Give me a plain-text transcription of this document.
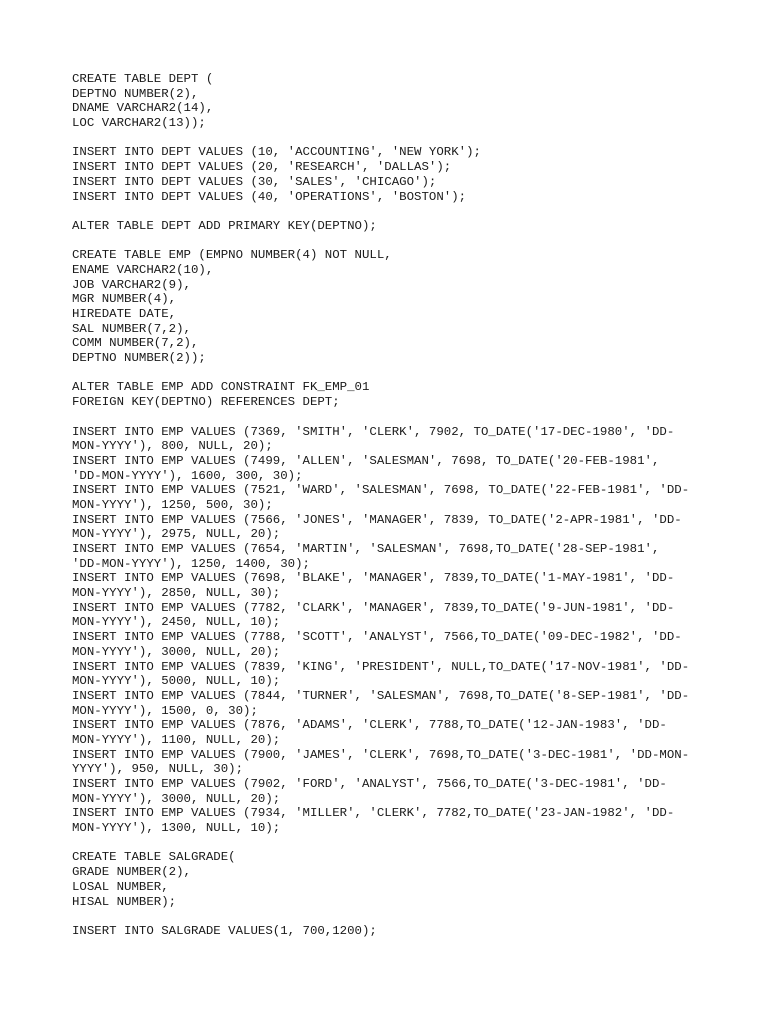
CREATE TABLE DEPT (
DEPTNO NUMBER(2),
DNAME VARCHAR2(14),
LOC VARCHAR2(13));
INSERT INTO DEPT VALUES (10, 'ACCOUNTING', 'NEW YORK');
INSERT INTO DEPT VALUES (20, 'RESEARCH', 'DALLAS');
INSERT INTO DEPT VALUES (30, 'SALES', 'CHICAGO');
INSERT INTO DEPT VALUES (40, 'OPERATIONS', 'BOSTON');
ALTER TABLE DEPT ADD PRIMARY KEY(DEPTNO);
CREATE TABLE EMP (EMPNO NUMBER(4) NOT NULL,
ENAME VARCHAR2(10),
JOB VARCHAR2(9),
MGR NUMBER(4),
HIREDATE DATE,
SAL NUMBER(7,2),
COMM NUMBER(7,2),
DEPTNO NUMBER(2));
ALTER TABLE EMP ADD CONSTRAINT FK_EMP_01
FOREIGN KEY(DEPTNO) REFERENCES DEPT;
INSERT INTO EMP VALUES (7369, 'SMITH', 'CLERK', 7902, TO_DATE('17-DEC-1980', 'DD-
MON-YYYY'), 800, NULL, 20);
INSERT INTO EMP VALUES (7499, 'ALLEN', 'SALESMAN', 7698, TO_DATE('20-FEB-1981',
'DD-MON-YYYY'), 1600, 300, 30);
INSERT INTO EMP VALUES (7521, 'WARD', 'SALESMAN', 7698, TO_DATE('22-FEB-1981', 'DD-
MON-YYYY'), 1250, 500, 30);
INSERT INTO EMP VALUES (7566, 'JONES', 'MANAGER', 7839, TO_DATE('2-APR-1981', 'DD-
MON-YYYY'), 2975, NULL, 20);
INSERT INTO EMP VALUES (7654, 'MARTIN', 'SALESMAN', 7698,TO_DATE('28-SEP-1981',
'DD-MON-YYYY'), 1250, 1400, 30);
INSERT INTO EMP VALUES (7698, 'BLAKE', 'MANAGER', 7839,TO_DATE('1-MAY-1981', 'DD-
MON-YYYY'), 2850, NULL, 30);
INSERT INTO EMP VALUES (7782, 'CLARK', 'MANAGER', 7839,TO_DATE('9-JUN-1981', 'DD-
MON-YYYY'), 2450, NULL, 10);
INSERT INTO EMP VALUES (7788, 'SCOTT', 'ANALYST', 7566,TO_DATE('09-DEC-1982', 'DD-
MON-YYYY'), 3000, NULL, 20);
INSERT INTO EMP VALUES (7839, 'KING', 'PRESIDENT', NULL,TO_DATE('17-NOV-1981', 'DD-
MON-YYYY'), 5000, NULL, 10);
INSERT INTO EMP VALUES (7844, 'TURNER', 'SALESMAN', 7698,TO_DATE('8-SEP-1981', 'DD-
MON-YYYY'), 1500, 0, 30);
INSERT INTO EMP VALUES (7876, 'ADAMS', 'CLERK', 7788,TO_DATE('12-JAN-1983', 'DD-
MON-YYYY'), 1100, NULL, 20);
INSERT INTO EMP VALUES (7900, 'JAMES', 'CLERK', 7698,TO_DATE('3-DEC-1981', 'DD-MON-
YYYY'), 950, NULL, 30);
INSERT INTO EMP VALUES (7902, 'FORD', 'ANALYST', 7566,TO_DATE('3-DEC-1981', 'DD-
MON-YYYY'), 3000, NULL, 20);
INSERT INTO EMP VALUES (7934, 'MILLER', 'CLERK', 7782,TO_DATE('23-JAN-1982', 'DD-
MON-YYYY'), 1300, NULL, 10);
CREATE TABLE SALGRADE(
GRADE NUMBER(2),
LOSAL NUMBER,
HISAL NUMBER);
INSERT INTO SALGRADE VALUES(1, 700,1200);
